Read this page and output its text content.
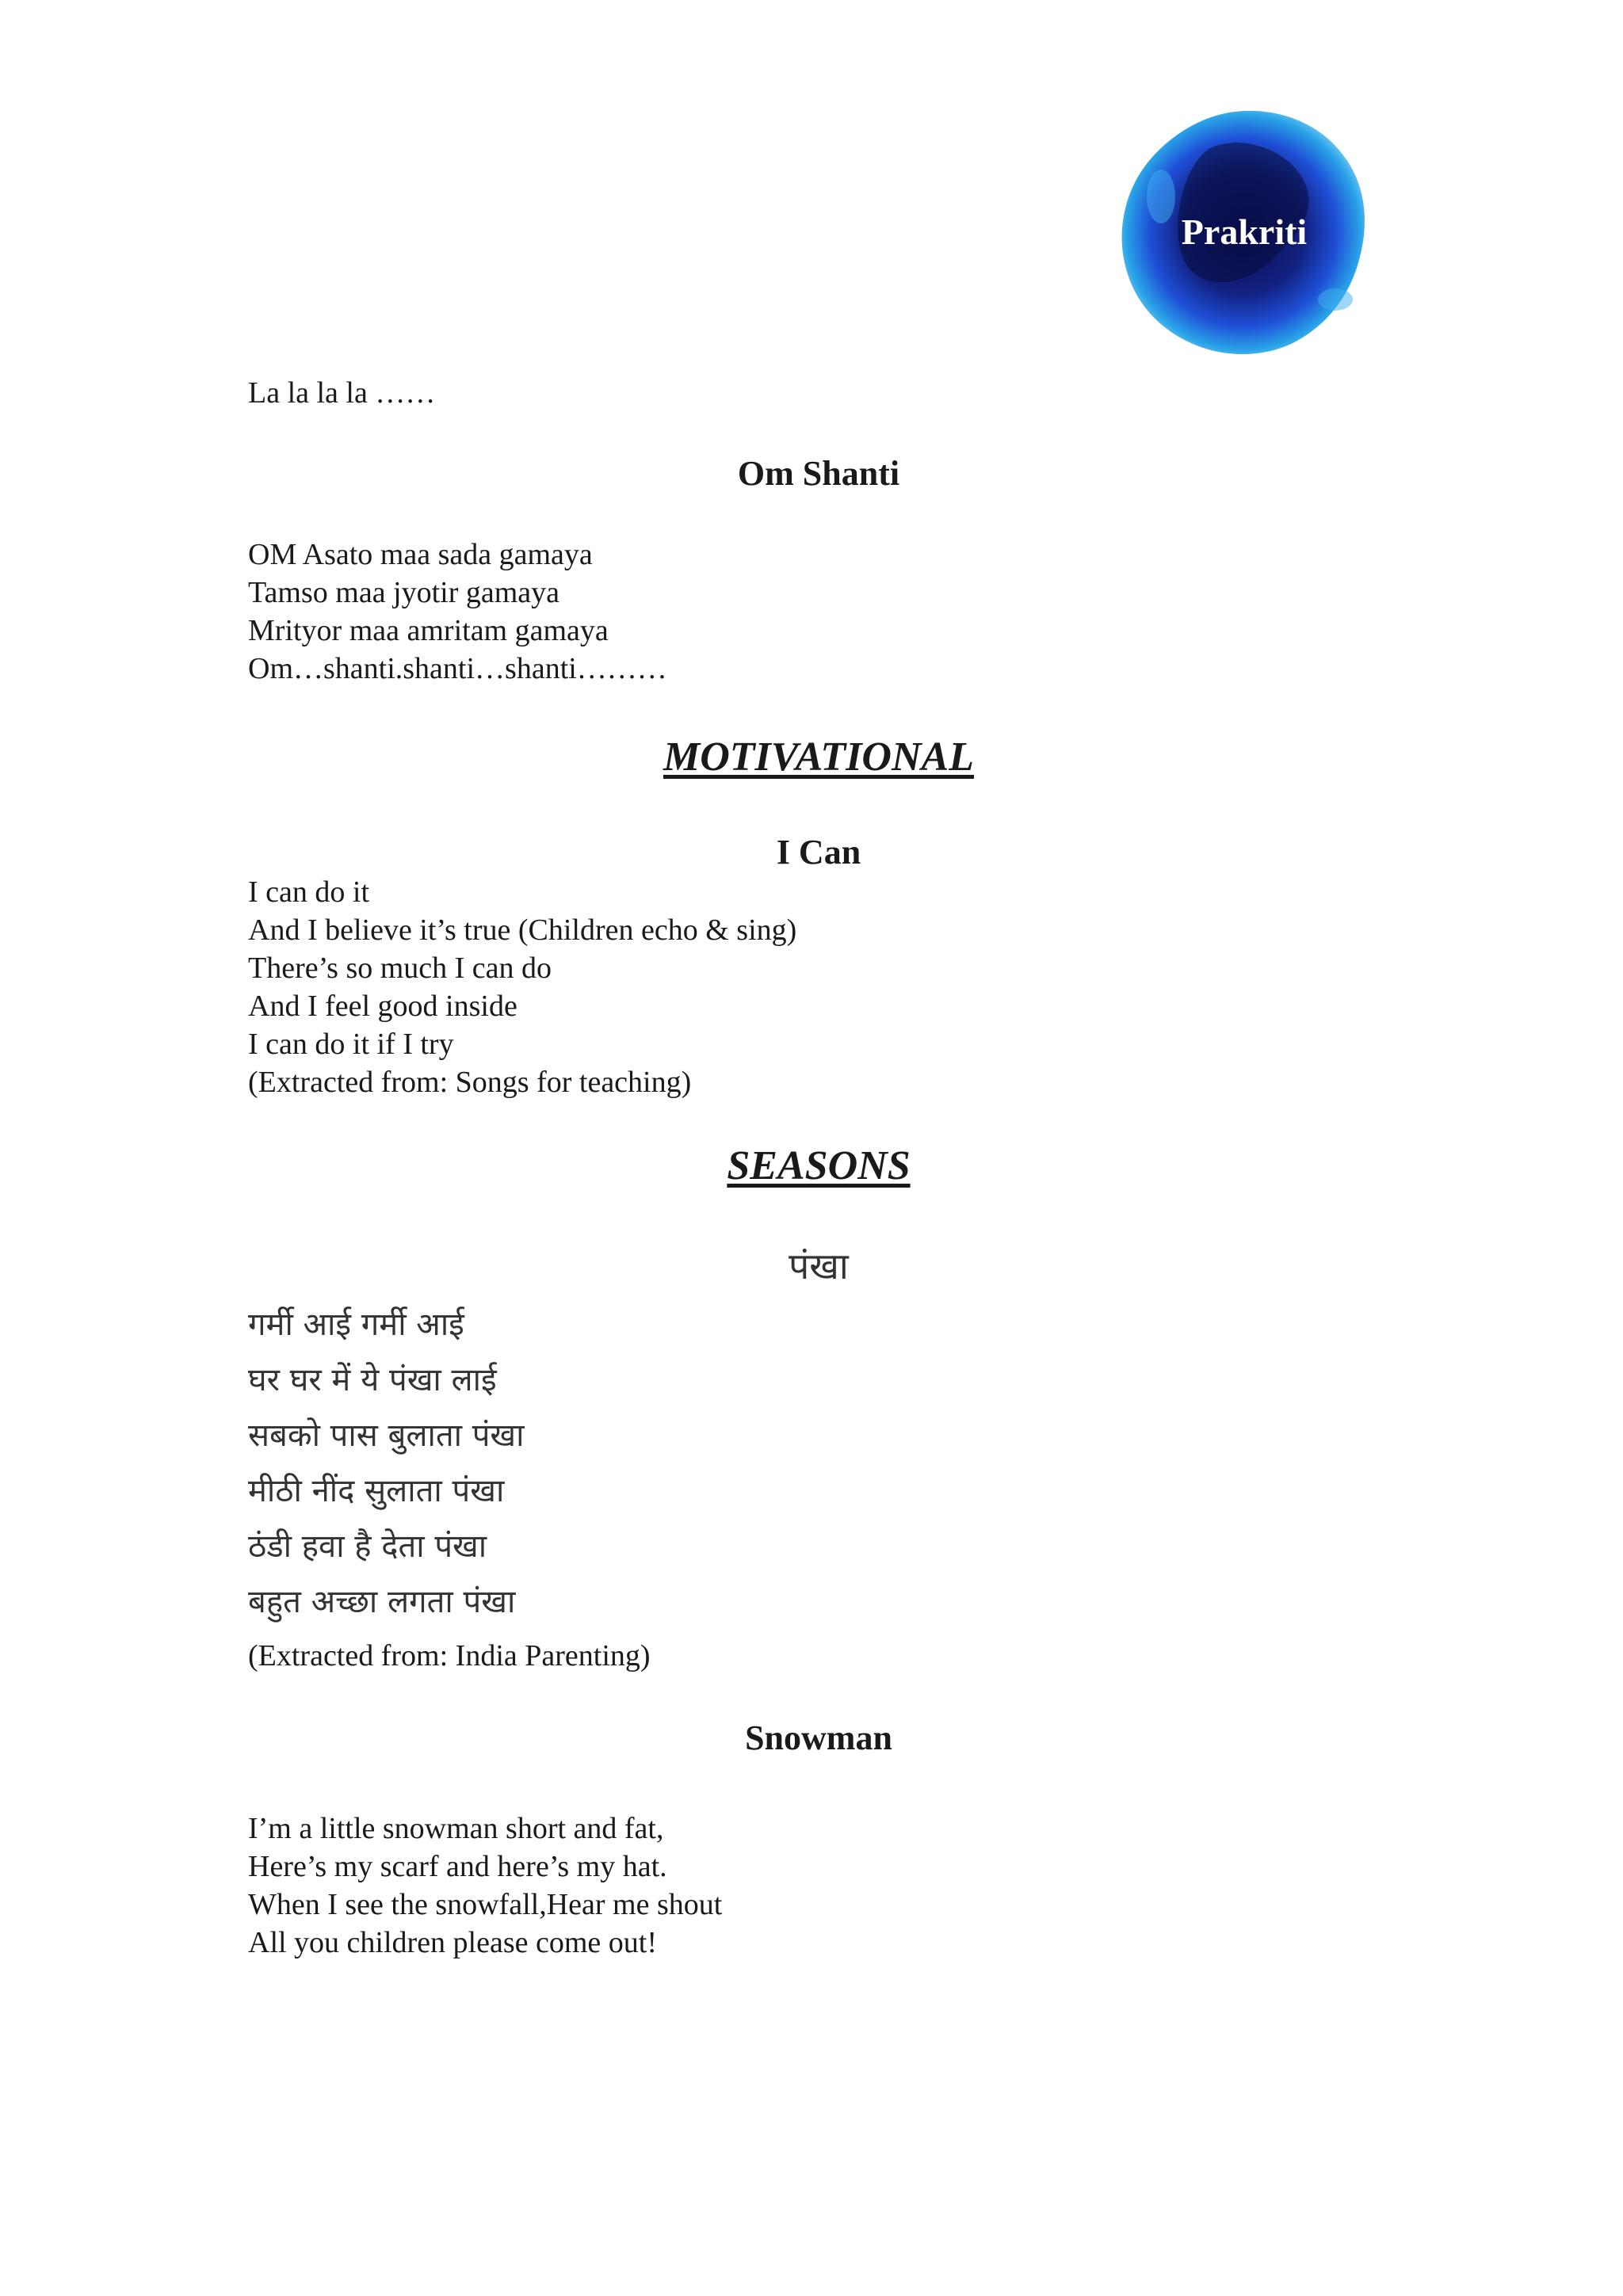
Prakriti
La la la la ……
Om Shanti
OM Asato maa sada gamaya
Tamso maa jyotir gamaya
Mrityor maa amritam gamaya
Om…shanti.shanti…shanti………
MOTIVATIONAL
I Can
I can do it
And I believe it’s true (Children echo & sing)
There’s so much I can do
And I feel good inside
I can do it if I try
(Extracted from: Songs for teaching)
SEASONS
पंखा
गर्मी आई गर्मी आई
घर घर में ये पंखा लाई
सबको पास बुलाता पंखा
मीठी नींद सुलाता पंखा
ठंडी हवा है देता पंखा
बहुत अच्छा लगता पंखा
(Extracted from: India Parenting)
Snowman
I’m a little snowman short and fat,
Here’s my scarf and here’s my hat.
When I see the snowfall,Hear me shout
All you children please come out!
